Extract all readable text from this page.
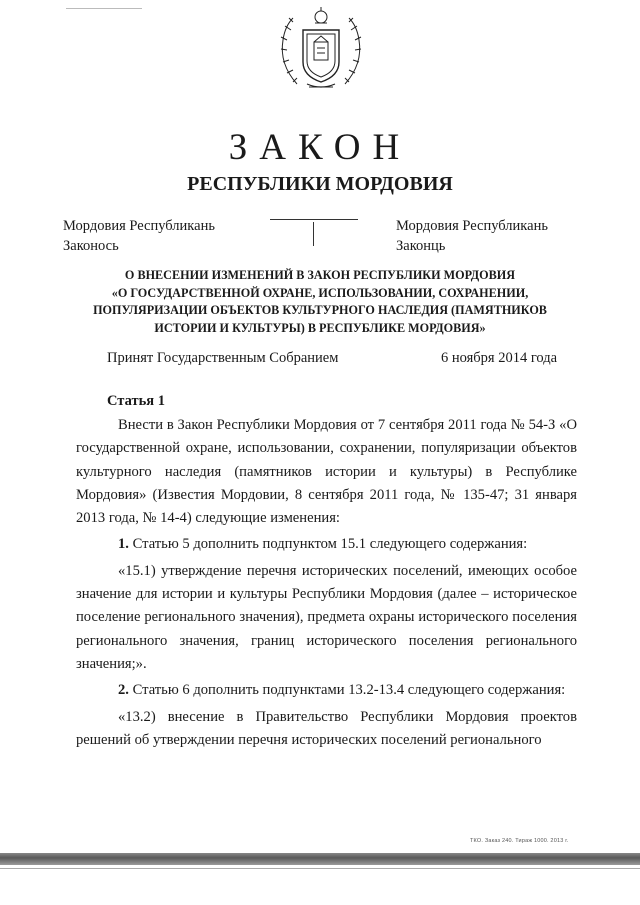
ЗАКОН
РЕСПУБЛИКИ МОРДОВИЯ
Мордовия Республикань
Законось
Мордовия Республикань
Законць
О ВНЕСЕНИИ ИЗМЕНЕНИЙ В ЗАКОН РЕСПУБЛИКИ МОРДОВИЯ
«О ГОСУДАРСТВЕННОЙ ОХРАНЕ, ИСПОЛЬЗОВАНИИ, СОХРАНЕНИИ,
ПОПУЛЯРИЗАЦИИ ОБЪЕКТОВ КУЛЬТУРНОГО НАСЛЕДИЯ (ПАМЯТНИКОВ
ИСТОРИИ И КУЛЬТУРЫ) В РЕСПУБЛИКЕ МОРДОВИЯ»
Принят Государственным Собранием	6 ноября 2014 года
Статья 1

Внести в Закон Республики Мордовия от 7 сентября 2011 года № 54-З «О государственной охране, использовании, сохранении, популяризации объектов культурного наследия (памятников истории и культуры) в Республике Мордовия» (Известия Мордовии, 8 сентября 2011 года, № 135-47; 31 января 2013 года, № 14-4) следующие изменения:

1. Статью 5 дополнить подпунктом 15.1 следующего содержания:

«15.1) утверждение перечня исторических поселений, имеющих особое значение для истории и культуры Республики Мордовия (далее – историческое поселение регионального значения), предмета охраны исторического поселения регионального значения, границ исторического поселения регионального значения;».

2. Статью 6 дополнить подпунктами 13.2-13.4 следующего содержания:

«13.2) внесение в Правительство Республики Мордовия проектов решений об утверждении перечня исторических поселений регионального

ТКО. Заказ 240. Тираж 1000. 2013 г.
